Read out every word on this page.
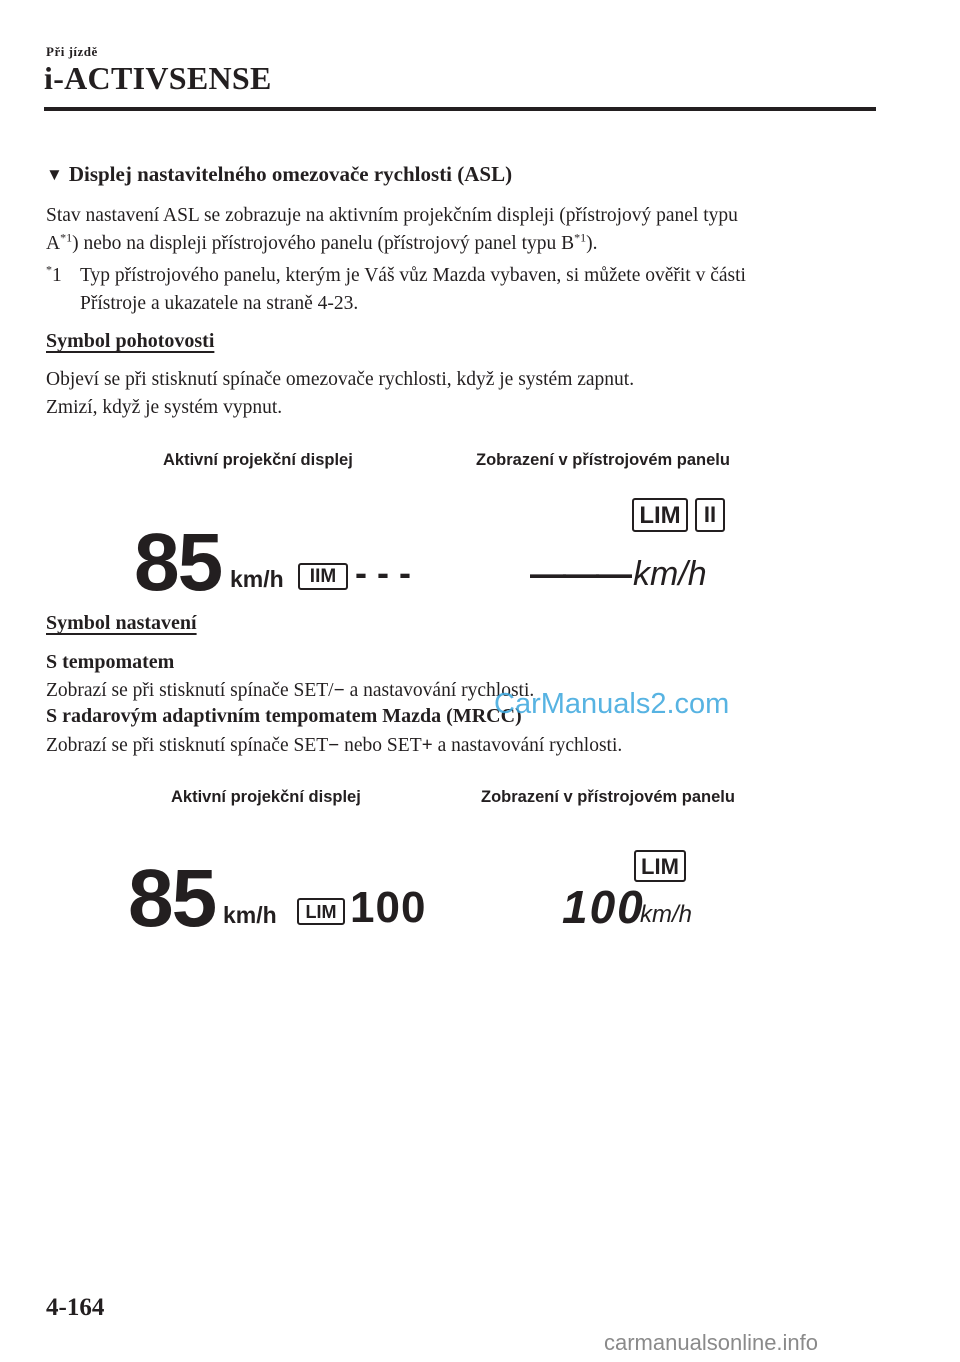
Při jízdě
i-ACTIVSENSE
▼ Displej nastavitelného omezovače rychlosti (ASL)
Stav nastavení ASL se zobrazuje na aktivním projekčním displeji (přístrojový panel typu
$A^{*1}$) nebo na displeji přístrojového panelu (přístrojový panel typu $B^{*1}$).
*1 Typ přístrojového panelu, kterým je Váš vůz Mazda vybaven, si můžete ověřit v části
Přístroje a ukazatele na straně 4-23.
Symbol pohotovosti
Objeví se při stisknutí spínače omezovače rychlosti, když je systém zapnut.
Zmizí, když je systém vypnut.
Aktivní projekční displej	Zobrazení v přístrojovém panelu
85 km/h	IIM - - -
LIM	II
——— km/h
Symbol nastavení
S tempomatem
Zobrazí se při stisknutí spínače SET/− a nastavování rychlosti.
S radarovým adaptivním tempomatem Mazda (MRCC)
Zobrazí se při stisknutí spínače SET− nebo SET+ a nastavování rychlosti.
CarManuals2.com
Aktivní projekční displej	Zobrazení v přístrojovém panelu
85 km/h	LIM 100
LIM
100
km/h
4-164
carmanualsonline.info
